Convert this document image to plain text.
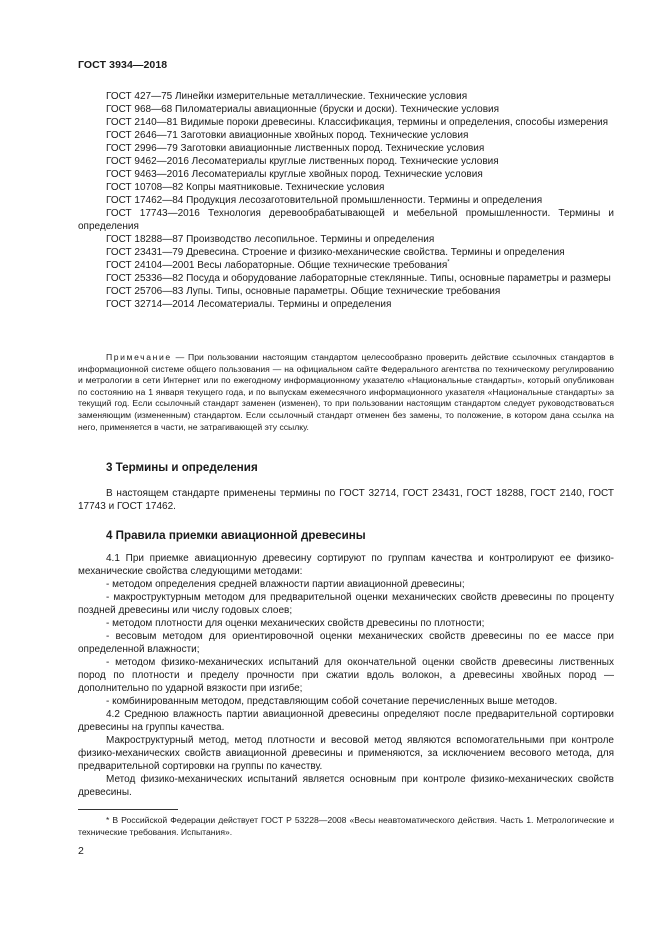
ГОСТ 3934—2018
ГОСТ 427—75 Линейки измерительные металлические. Технические условия
ГОСТ 968—68 Пиломатериалы авиационные (бруски и доски). Технические условия
ГОСТ 2140—81 Видимые пороки древесины. Классификация, термины и определения, способы измерения
ГОСТ 2646—71 Заготовки авиационные хвойных пород. Технические условия
ГОСТ 2996—79 Заготовки авиационные лиственных пород. Технические условия
ГОСТ 9462—2016 Лесоматериалы круглые лиственных пород. Технические условия
ГОСТ 9463—2016 Лесоматериалы круглые хвойных пород. Технические условия
ГОСТ 10708—82 Копры маятниковые. Технические условия
ГОСТ 17462—84 Продукция лесозаготовительной промышленности. Термины и определения
ГОСТ 17743—2016 Технология деревообрабатывающей и мебельной промышленности. Термины и определения
ГОСТ 18288—87 Производство лесопильное. Термины и определения
ГОСТ 23431—79 Древесина. Строение и физико-механические свойства. Термины и определения
ГОСТ 24104—2001 Весы лабораторные. Общие технические требования*
ГОСТ 25336—82 Посуда и оборудование лабораторные стеклянные. Типы, основные параметры и размеры
ГОСТ 25706—83 Лупы. Типы, основные параметры. Общие технические требования
ГОСТ 32714—2014 Лесоматериалы. Термины и определения

Примечание — При пользовании настоящим стандартом целесообразно проверить действие ссылочных стандартов в информационной системе общего пользования — на официальном сайте Федерального агентства по техническому регулированию и метрологии в сети Интернет или по ежегодному информационному указателю «Национальные стандарты», который опубликован по состоянию на 1 января текущего года, и по выпускам ежемесячного информационного указателя «Национальные стандарты» за текущий год. Если ссылочный стандарт заменен (изменен), то при пользовании настоящим стандартом следует руководствоваться заменяющим (измененным) стандартом. Если ссылочный стандарт отменен без замены, то положение, в котором дана ссылка на него, применяется в части, не затрагивающей эту ссылку.

3 Термины и определения

В настоящем стандарте применены термины по ГОСТ 32714, ГОСТ 23431, ГОСТ 18288, ГОСТ 2140, ГОСТ 17743 и ГОСТ 17462.

4 Правила приемки авиационной древесины

4.1 При приемке авиационную древесину сортируют по группам качества и контролируют ее физико-механические свойства следующими методами:

- методом определения средней влажности партии авиационной древесины;

- макроструктурным методом для предварительной оценки механических свойств древесины по проценту поздней древесины или числу годовых слоев;

- методом плотности для оценки механических свойств древесины по плотности;

- весовым методом для ориентировочной оценки механических свойств древесины по ее массе при определенной влажности;

- методом физико-механических испытаний для окончательной оценки свойств древесины лиственных пород по плотности и пределу прочности при сжатии вдоль волокон, а древесины хвойных пород — дополнительно по ударной вязкости при изгибе;

- комбинированным методом, представляющим собой сочетание перечисленных выше методов.

4.2 Среднюю влажность партии авиационной древесины определяют после предварительной сортировки древесины на группы качества.

Макроструктурный метод, метод плотности и весовой метод являются вспомогательными при контроле физико-механических свойств авиационной древесины и применяются, за исключением весового метода, для предварительной сортировки на группы по качеству.

Метод физико-механических испытаний является основным при контроле физико-механических свойств древесины.

* В Российской Федерации действует ГОСТ Р 53228—2008 «Весы неавтоматического действия. Часть 1. Метрологические и технические требования. Испытания».

2
